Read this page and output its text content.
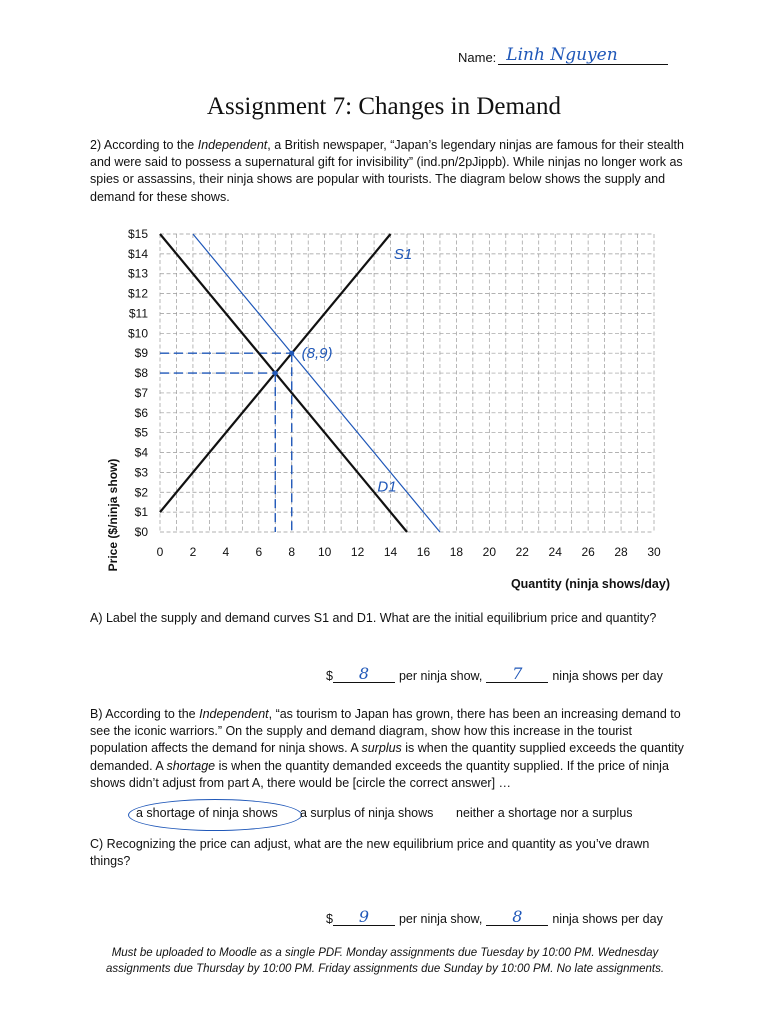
Name: Linh Nguyen
Assignment 7: Changes in Demand

2) According to the Independent, a British newspaper, “Japan’s legendary ninjas are famous for their stealth and were said to possess a supernatural gift for invisibility” (ind.pn/2pJippb). While ninjas no longer work as spies or assassins, their ninja shows are popular with tourists. The diagram below shows the supply and demand for these shows.

0 2 4 6 8 10 12 14 16 18 20 22 24 26 28 30
$0
$1
$2
$3
$4
$5
$6
$7
$8
$9
$10
$11
$12
$13
$14
$15
S1
D1
(8,9)
Quantity (ninja shows/day)
Price ($/ninja show)

A) Label the supply and demand curves S1 and D1. What are the initial equilibrium price and quantity?

$	8	per ninja show,	7	ninja shows per day

B) According to the Independent, “as tourism to Japan has grown, there has been an increasing demand to see the iconic warriors.” On the supply and demand diagram, show how this increase in the tourist population affects the demand for ninja shows. A surplus is when the quantity supplied exceeds the quantity demanded. A shortage is when the quantity demanded exceeds the quantity supplied. If the price of ninja shows didn’t adjust from part A, there would be [circle the correct answer] …

a shortage of ninja shows a surplus of ninja shows neither a shortage nor a surplus

C) Recognizing the price can adjust, what are the new equilibrium price and quantity as you’ve drawn things?

$	9	per ninja show,	8	ninja shows per day

Must be uploaded to Moodle as a single PDF. Monday assignments due Tuesday by 10:00 PM. Wednesday

assignments due Thursday by 10:00 PM. Friday assignments due Sunday by 10:00 PM. No late assignments.
